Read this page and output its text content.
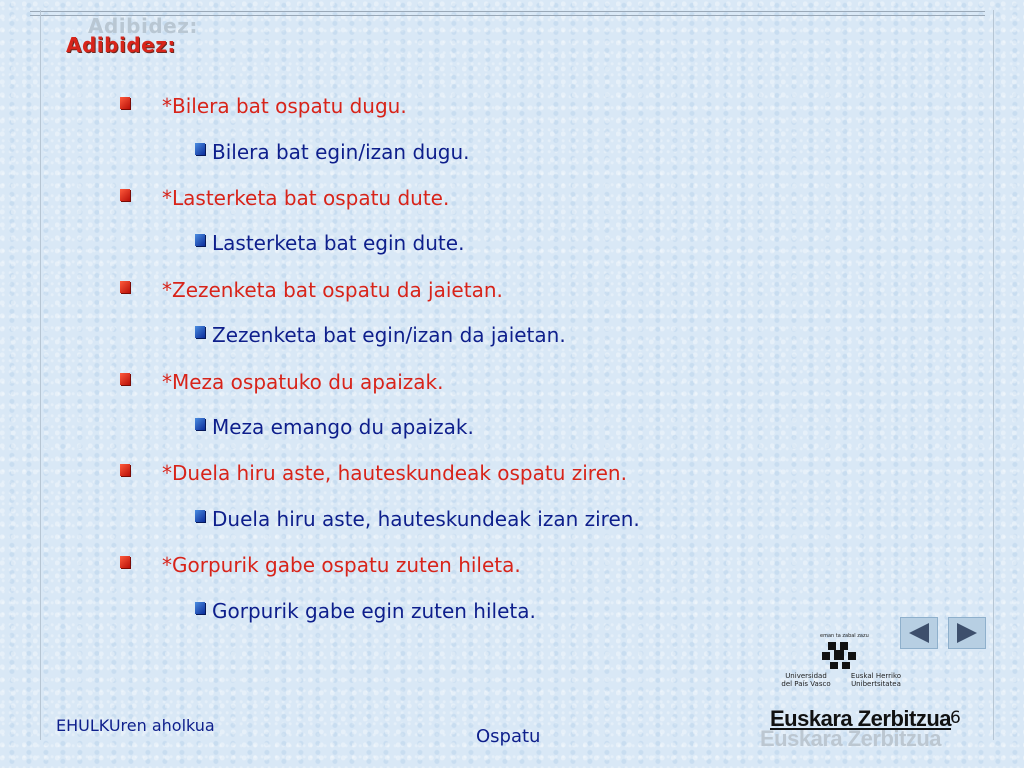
Adibidez:
Adibidez:
*Bilera bat ospatu dugu.
Bilera bat egin/izan dugu.
*Lasterketa bat ospatu dute.
Lasterketa bat egin dute.
*Zezenketa bat ospatu da jaietan.
Zezenketa bat egin/izan da jaietan.
*Meza ospatuko du apaizak.
Meza emango du apaizak.
*Duela hiru aste, hauteskundeak ospatu ziren.
Duela hiru aste, hauteskundeak izan ziren.
*Gorpurik gabe ospatu zuten hileta.
Gorpurik gabe egin zuten hileta.
eman ta zabal zazu
Universidad
del País Vasco
Euskal Herriko
Unibertsitatea
EHULKUren aholkua
Ospatu	Euskara Zerbitzua
Euskara Zerbitzua
6
